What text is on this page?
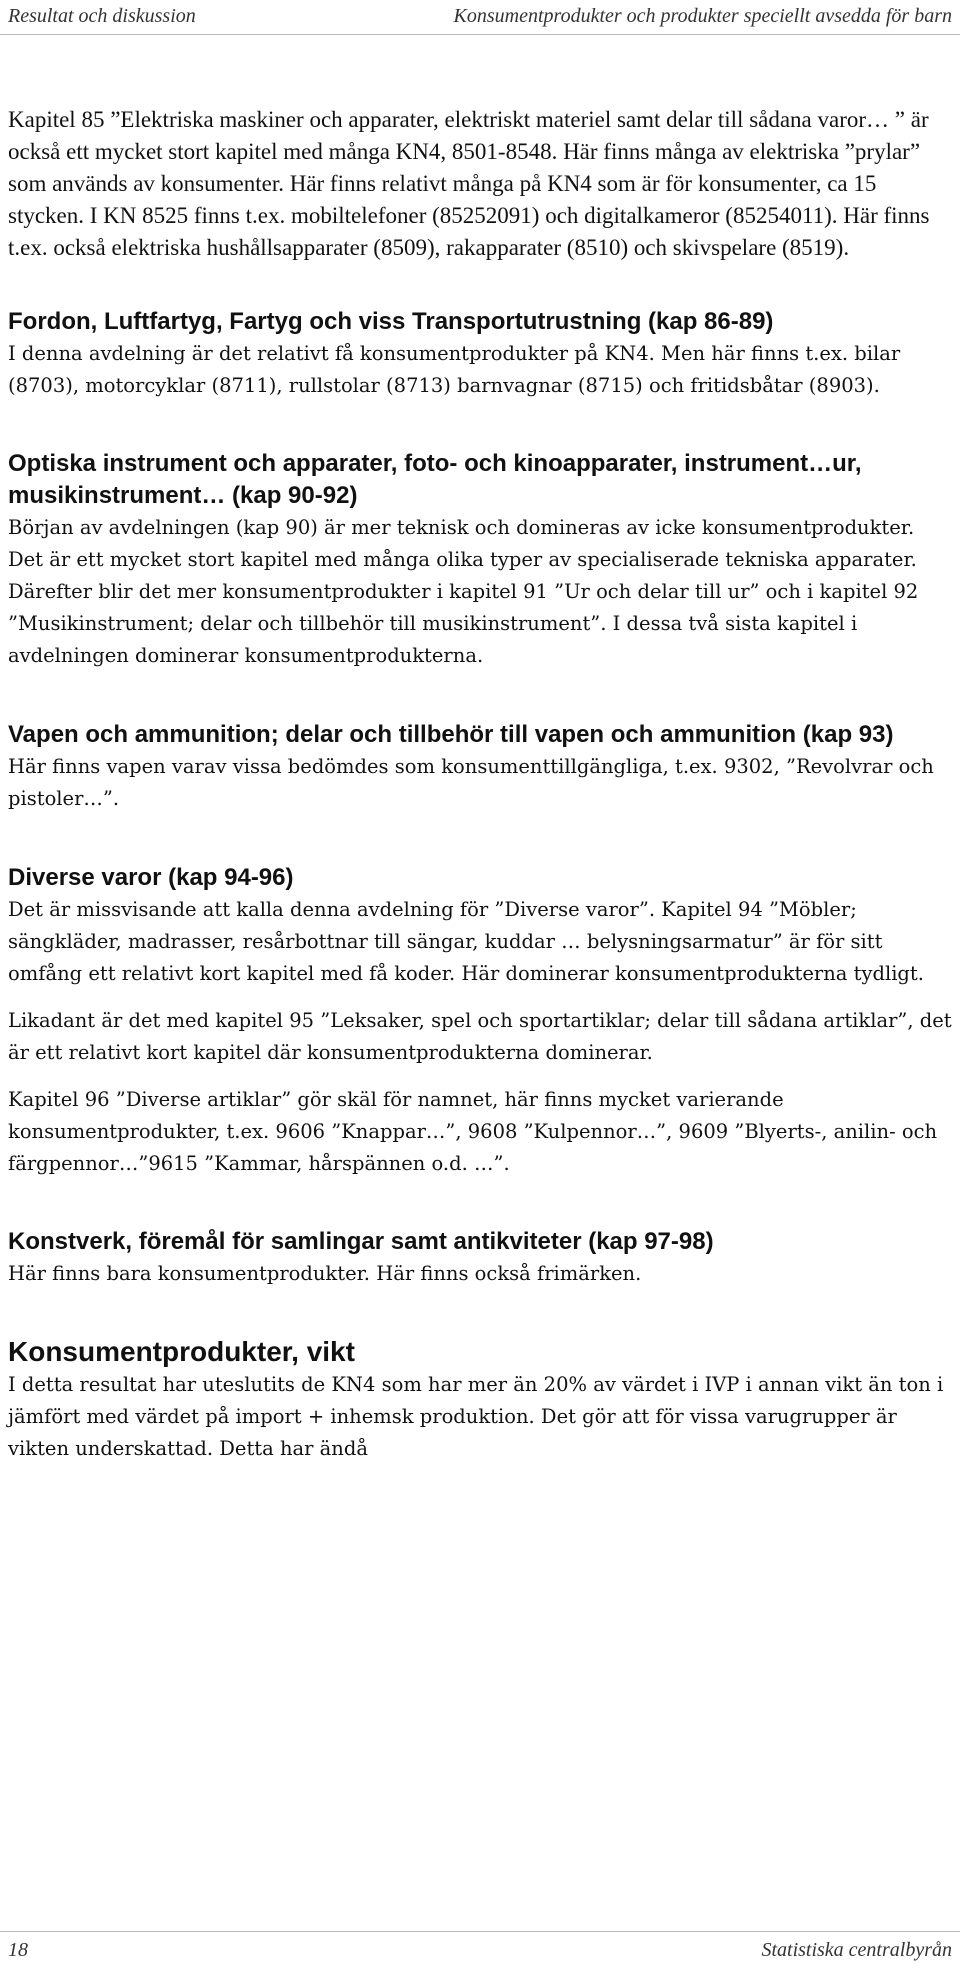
Resultat och diskussion	Konsumentprodukter och produkter speciellt avsedda för barn

Kapitel 85 ”Elektriska maskiner och apparater, elektriskt materiel samt delar till sådana varor… ” är också ett mycket stort kapitel med många KN4, 8501-8548. Här finns många av elektriska ”prylar” som används av konsumenter. Här finns relativt många på KN4 som är för konsumenter, ca 15 stycken. I KN 8525 finns t.ex. mobiltelefoner (85252091) och digitalkameror (85254011). Här finns t.ex. också elektriska hushållsapparater (8509), rakapparater (8510) och skivspelare (8519).

Fordon, Luftfartyg, Fartyg och viss Transportutrustning (kap 86-89)

I denna avdelning är det relativt få konsumentprodukter på KN4. Men här finns t.ex. bilar (8703), motorcyklar (8711), rullstolar (8713) barnvagnar (8715) och fritidsbåtar (8903).

Optiska instrument och apparater, foto- och kinoapparater, instrument…ur, musikinstrument… (kap 90-92)

Början av avdelningen (kap 90) är mer teknisk och domineras av icke konsumentprodukter. Det är ett mycket stort kapitel med många olika typer av specialiserade tekniska apparater. Därefter blir det mer konsumentprodukter i kapitel 91 ”Ur och delar till ur” och i kapitel 92 ”Musikinstrument; delar och tillbehör till musikinstrument”. I dessa två sista kapitel i avdelningen dominerar konsumentprodukterna.

Vapen och ammunition; delar och tillbehör till vapen och ammunition (kap 93)

Här finns vapen varav vissa bedömdes som konsumenttillgängliga, t.ex. 9302, ”Revolvrar och pistoler…”.

Diverse varor (kap 94-96)

Det är missvisande att kalla denna avdelning för ”Diverse varor”. Kapitel 94 ”Möbler; sängkläder, madrasser, resårbottnar till sängar, kuddar … belysningsarmatur” är för sitt omfång ett relativt kort kapitel med få koder. Här dominerar konsumentprodukterna tydligt.

Likadant är det med kapitel 95 ”Leksaker, spel och sportartiklar; delar till sådana artiklar”, det är ett relativt kort kapitel där konsumentprodukterna dominerar.

Kapitel 96 ”Diverse artiklar” gör skäl för namnet, här finns mycket varierande konsumentprodukter, t.ex. 9606 ”Knappar…”, 9608 ”Kulpennor…”, 9609 ”Blyerts-, anilin- och färgpennor…”9615 ”Kammar, hårspännen o.d. …”.

Konstverk, föremål för samlingar samt antikviteter (kap 97-98)

Här finns bara konsumentprodukter. Här finns också frimärken.

Konsumentprodukter, vikt

I detta resultat har uteslutits de KN4 som har mer än 20% av värdet i IVP i annan vikt än ton i jämfört med värdet på import + inhemsk produktion. Det gör att för vissa varugrupper är vikten underskattad. Detta har ändå

18	Statistiska centralbyrån
